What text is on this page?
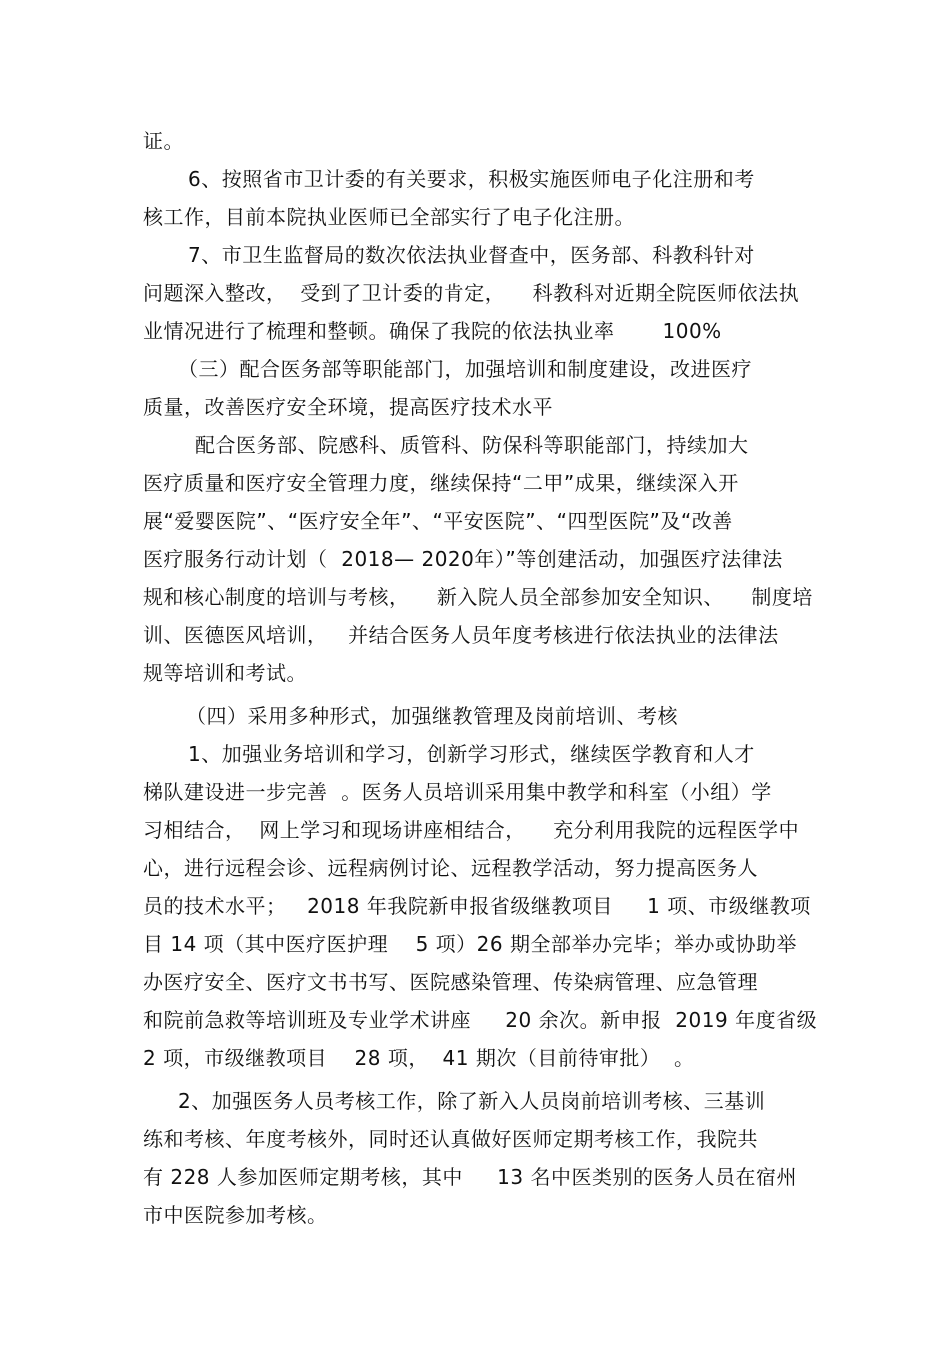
证。
6、按照省市卫计委的有关要求，积极实施医师电子化注册和考
核工作，目前本院执业医师已全部实行了电子化注册。
7、市卫生监督局的数次依法执业督查中，医务部、科教科针对
问题深入整改，  受到了卫计委的肯定，    科教科对近期全院医师依法执
业情况进行了梳理和整顿。确保了我院的依法执业率       100%
（三）配合医务部等职能部门，加强培训和制度建设，改进医疗
质量，改善医疗安全环境，提高医疗技术水平
配合医务部、院感科、质管科、防保科等职能部门，持续加大
医疗质量和医疗安全管理力度，继续保持“二甲”成果，继续深入开
展“爱婴医院”、“医疗安全年”、“平安医院”、“四型医院”及“改善
医疗服务行动计划（  2018— 2020年）”等创建活动，加强医疗法律法
规和核心制度的培训与考核，    新入院人员全部参加安全知识、    制度培
训、医德医风培训，   并结合医务人员年度考核进行依法执业的法律法
规等培训和考试。
（四）采用多种形式，加强继教管理及岗前培训、考核
1、加强业务培训和学习，创新学习形式，继续医学教育和人才
梯队建设进一步完善  。医务人员培训采用集中教学和科室（小组）学
习相结合，  网上学习和现场讲座相结合，    充分利用我院的远程医学中
心，进行远程会诊、远程病例讨论、远程教学活动，努力提高医务人
员的技术水平；   2018 年我院新申报省级继教项目     1 项、市级继教项
目 14 项（其中医疗医护理    5 项）26 期全部举办完毕；举办或协助举
办医疗安全、医疗文书书写、医院感染管理、传染病管理、应急管理
和院前急救等培训班及专业学术讲座     20 余次。新申报  2019 年度省级
2 项，市级继教项目    28 项，  41 期次（目前待审批）  。
2、加强医务人员考核工作，除了新入人员岗前培训考核、三基训
练和考核、年度考核外，同时还认真做好医师定期考核工作，我院共
有 228 人参加医师定期考核，其中     13 名中医类别的医务人员在宿州
市中医院参加考核。
